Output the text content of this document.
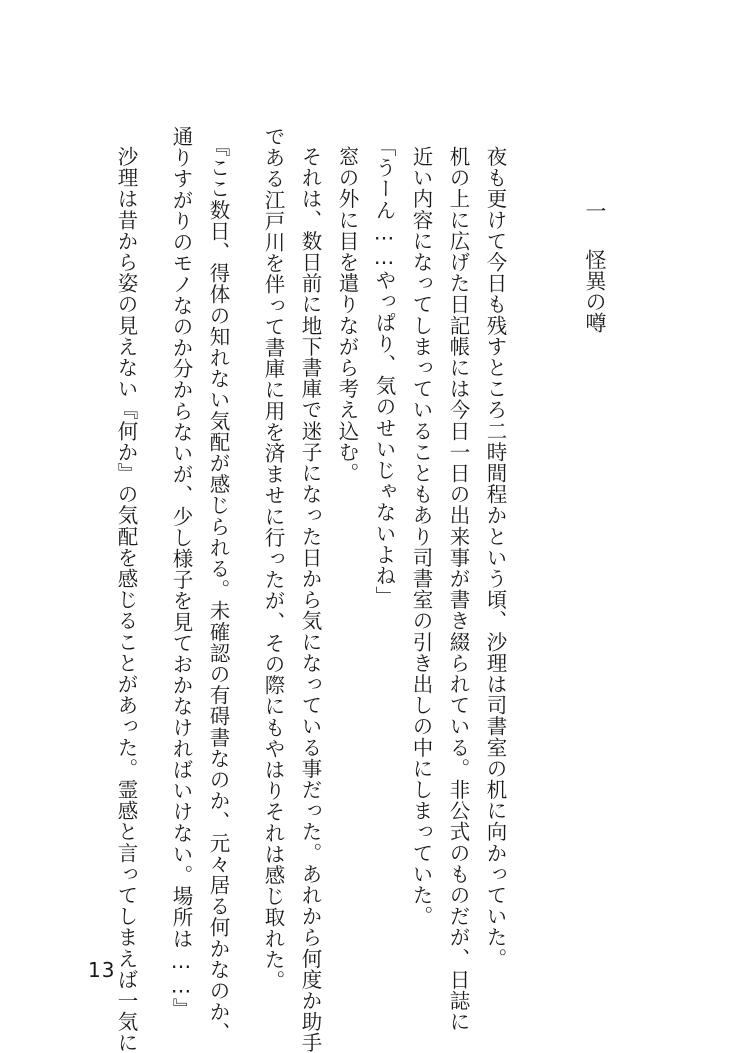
一怪異の噂
夜も更けて今日も残すところ二時間程かという頃、沙理は司書室の机に向かっていた。
机の上に広げた日記帳には今日一日の出来事が書き綴られている。非公式のものだが、日誌に
近い内容になってしまっていることもあり司書室の引き出しの中にしまっていた。
「うーん……やっぱり、気のせいじゃないよね」
窓の外に目を遣りながら考え込む。
それは、数日前に地下書庫で迷子になった日から気になっている事だった。あれから何度か助手
である江戸川を伴って書庫に用を済ませに行ったが、その際にもやはりそれは感じ取れた。
『ここ数日、得体の知れない気配が感じられる。未確認の有碍書なのか、元々居る何かなのか、
通りすがりのモノなのか分からないが、少し様子を見ておかなければいけない。場所は……』
沙理は昔から姿の見えない『何か』の気配を感じることがあった。霊感と言ってしまえば一気に
13
